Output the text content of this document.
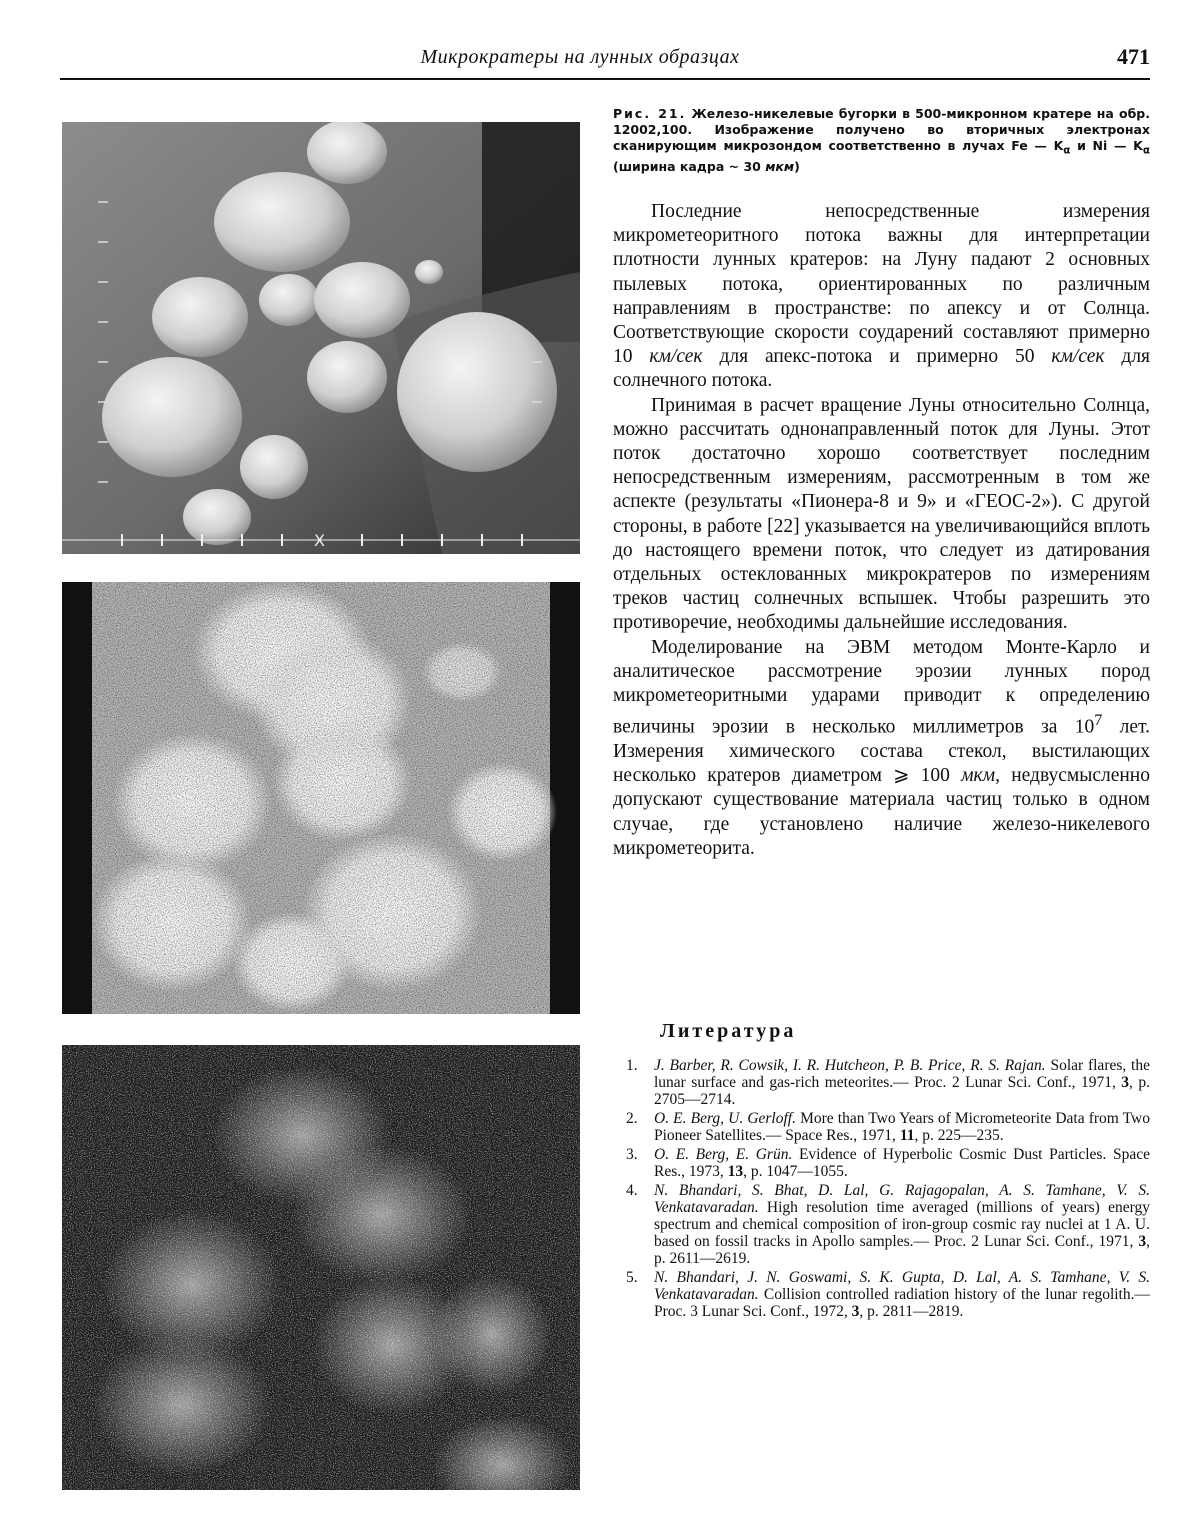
Микрократеры на лунных образцах	471
X
Рис. 21. Железо-никелевые бугорки в 500-микронном кратере на обр. 12002,100. Изображение получено во вторичных электронах сканирующим микрозондом соответственно в лучах Fe — $K_\alpha$ и Ni — $K_\alpha$ (ширина кадра ~ 30 мкм)

Последние непосредственные измерения микрометеоритного потока важны для интерпретации плотности лунных кратеров: на Луну падают 2 основных пылевых потока, ориентированных по различным направлениям в пространстве: по апексу и от Солнца. Соответствующие скорости соударений составляют примерно 10 км/сек для апекс-потока и примерно 50 км/сек для солнечного потока.

Принимая в расчет вращение Луны относительно Солнца, можно рассчитать однонаправленный поток для Луны. Этот поток достаточно хорошо соответствует последним непосредственным измерениям, рассмотренным в том же аспекте (результаты «Пионера-8 и 9» и «ГЕОС-2»). С другой стороны, в работе [22] указывается на увеличивающийся вплоть до настоящего времени поток, что следует из датирования отдельных остеклованных микрократеров по измерениям треков частиц солнечных вспышек. Чтобы разрешить это противоречие, необходимы дальнейшие исследования.

Моделирование на ЭВМ методом Монте-Карло и аналитическое рассмотрение эрозии лунных пород микрометеоритными ударами приводит к определению величины эрозии в несколько миллиметров за $10^7$ лет. Измерения химического состава стекол, выстилающих несколько кратеров диаметром ⩾ 100 мкм, недвусмысленно допускают существование материала частиц только в одном случае, где установлено наличие железо-никелевого микрометеорита.

Литература
1. J. Barber, R. Cowsik, I. R. Hutcheon, P. B. Price, R. S. Rajan. Solar flares, the lunar surface and gas-rich meteorites.— Proc. 2 Lunar Sci. Conf., 1971, 3, p. 2705—2714.
2. O. E. Berg, U. Gerloff. More than Two Years of Micrometeorite Data from Two Pioneer Satellites.— Space Res., 1971, 11, p. 225—235.
3. O. E. Berg, E. Grün. Evidence of Hyperbolic Cosmic Dust Particles. Space Res., 1973, 13, p. 1047—1055.
4. N. Bhandari, S. Bhat, D. Lal, G. Rajagopalan, A. S. Tamhane, V. S. Venkatavaradan. High resolution time averaged (millions of years) energy spectrum and chemical composition of iron-group cosmic ray nuclei at 1 A. U. based on fossil tracks in Apollo samples.— Proc. 2 Lunar Sci. Conf., 1971, 3, p. 2611—2619.
5. N. Bhandari, J. N. Goswami, S. K. Gupta, D. Lal, A. S. Tamhane, V. S. Venkatavaradan. Collision controlled radiation history of the lunar regolith.— Proc. 3 Lunar Sci. Conf., 1972, 3, p. 2811—2819.
